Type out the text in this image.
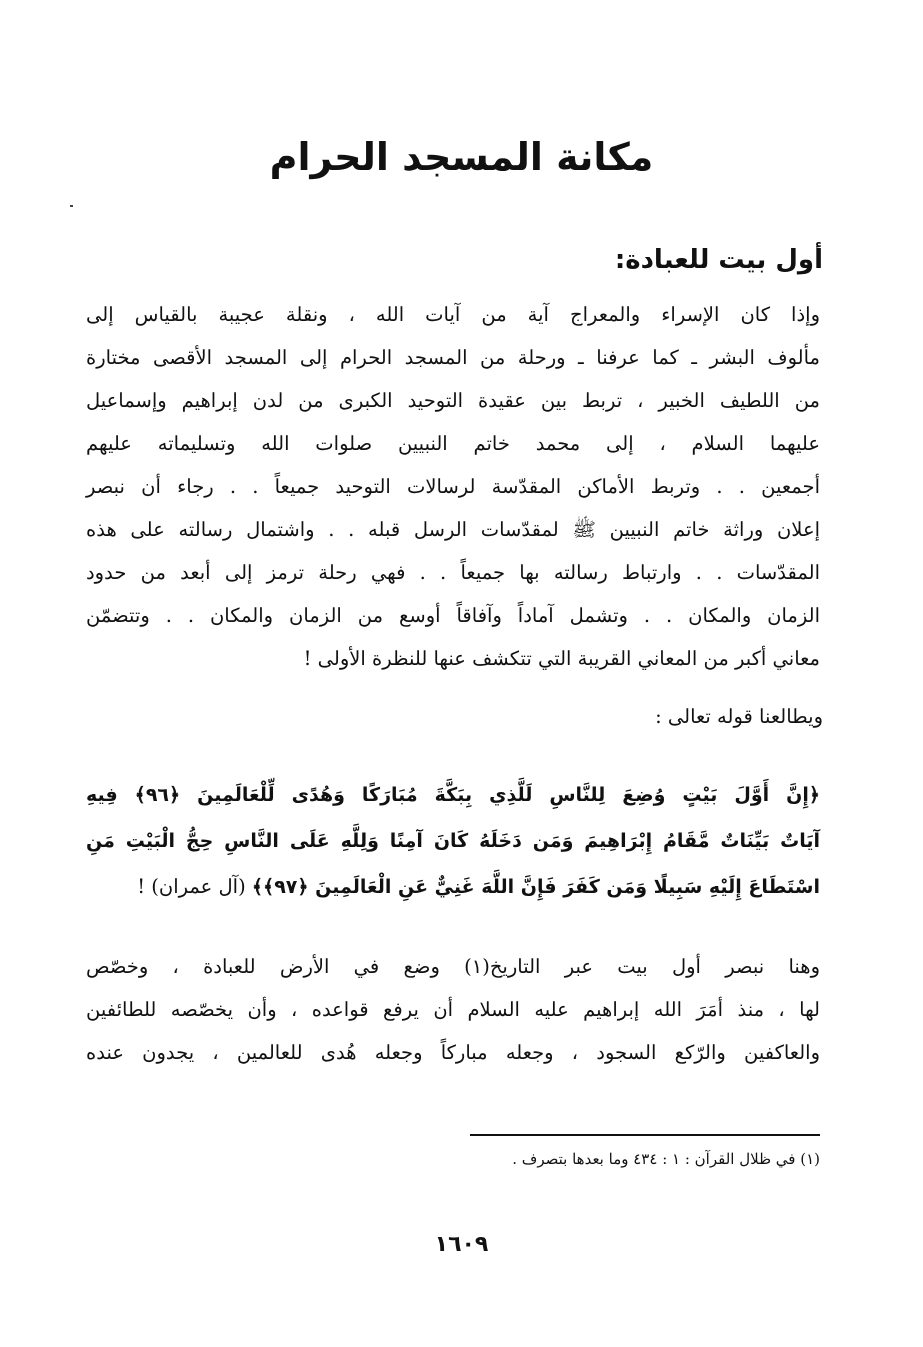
مكانة المسجد الحرام
أول بيت للعبادة:
وإذا كان الإسراء والمعراج آية من آيات الله ، ونقلة عجيبة بالقياس إلى
مألوف البشر ـ كما عرفنا ـ ورحلة من المسجد الحرام إلى المسجد الأقصى مختارة
من اللطيف الخبير ، تربط بين عقيدة التوحيد الكبرى من لدن إبراهيم وإسماعيل
عليهما السلام ، إلى محمد خاتم النبيين صلوات الله وتسليماته عليهم
أجمعين . . وتربط الأماكن المقدّسة لرسالات التوحيد جميعاً . . رجاء أن نبصر
إعلان وراثة خاتم النبيين ﷺ لمقدّسات الرسل قبله . . واشتمال رسالته على هذه
المقدّسات . . وارتباط رسالته بها جميعاً . . فهي رحلة ترمز إلى أبعد من حدود
الزمان والمكان . . وتشمل آماداً وآفاقاً أوسع من الزمان والمكان . . وتتضمّن
معاني أكبر من المعاني القريبة التي تتكشف عنها للنظرة الأولى !
ويطالعنا قوله تعالى :
﴿إِنَّ أَوَّلَ بَيْتٍ وُضِعَ لِلنَّاسِ لَلَّذِي بِبَكَّةَ مُبَارَكًا وَهُدًى لِّلْعَالَمِينَ ﴿٩٦﴾ فِيهِ
آيَاتٌ بَيِّنَاتٌ مَّقَامُ إِبْرَاهِيمَ وَمَن دَخَلَهُ كَانَ آمِنًا وَلِلَّهِ عَلَى النَّاسِ حِجُّ الْبَيْتِ مَنِ
اسْتَطَاعَ إِلَيْهِ سَبِيلًا وَمَن كَفَرَ فَإِنَّ اللَّهَ غَنِيٌّ عَنِ الْعَالَمِينَ ﴿٩٧﴾﴾ (آل عمران) !
وهنا نبصر أول بيت عبر التاريخ(١) وضع في الأرض للعبادة ، وخصّص
لها ، منذ أمَرَ الله إبراهيم عليه السلام أن يرفع قواعده ، وأن يخصّصه للطائفين
والعاكفين والرّكع السجود ، وجعله مباركاً وجعله هُدى للعالمين ، يجدون عنده
(١) في ظلال القرآن : ١ : ٤٣٤ وما بعدها بتصرف .
١٦٠٩
